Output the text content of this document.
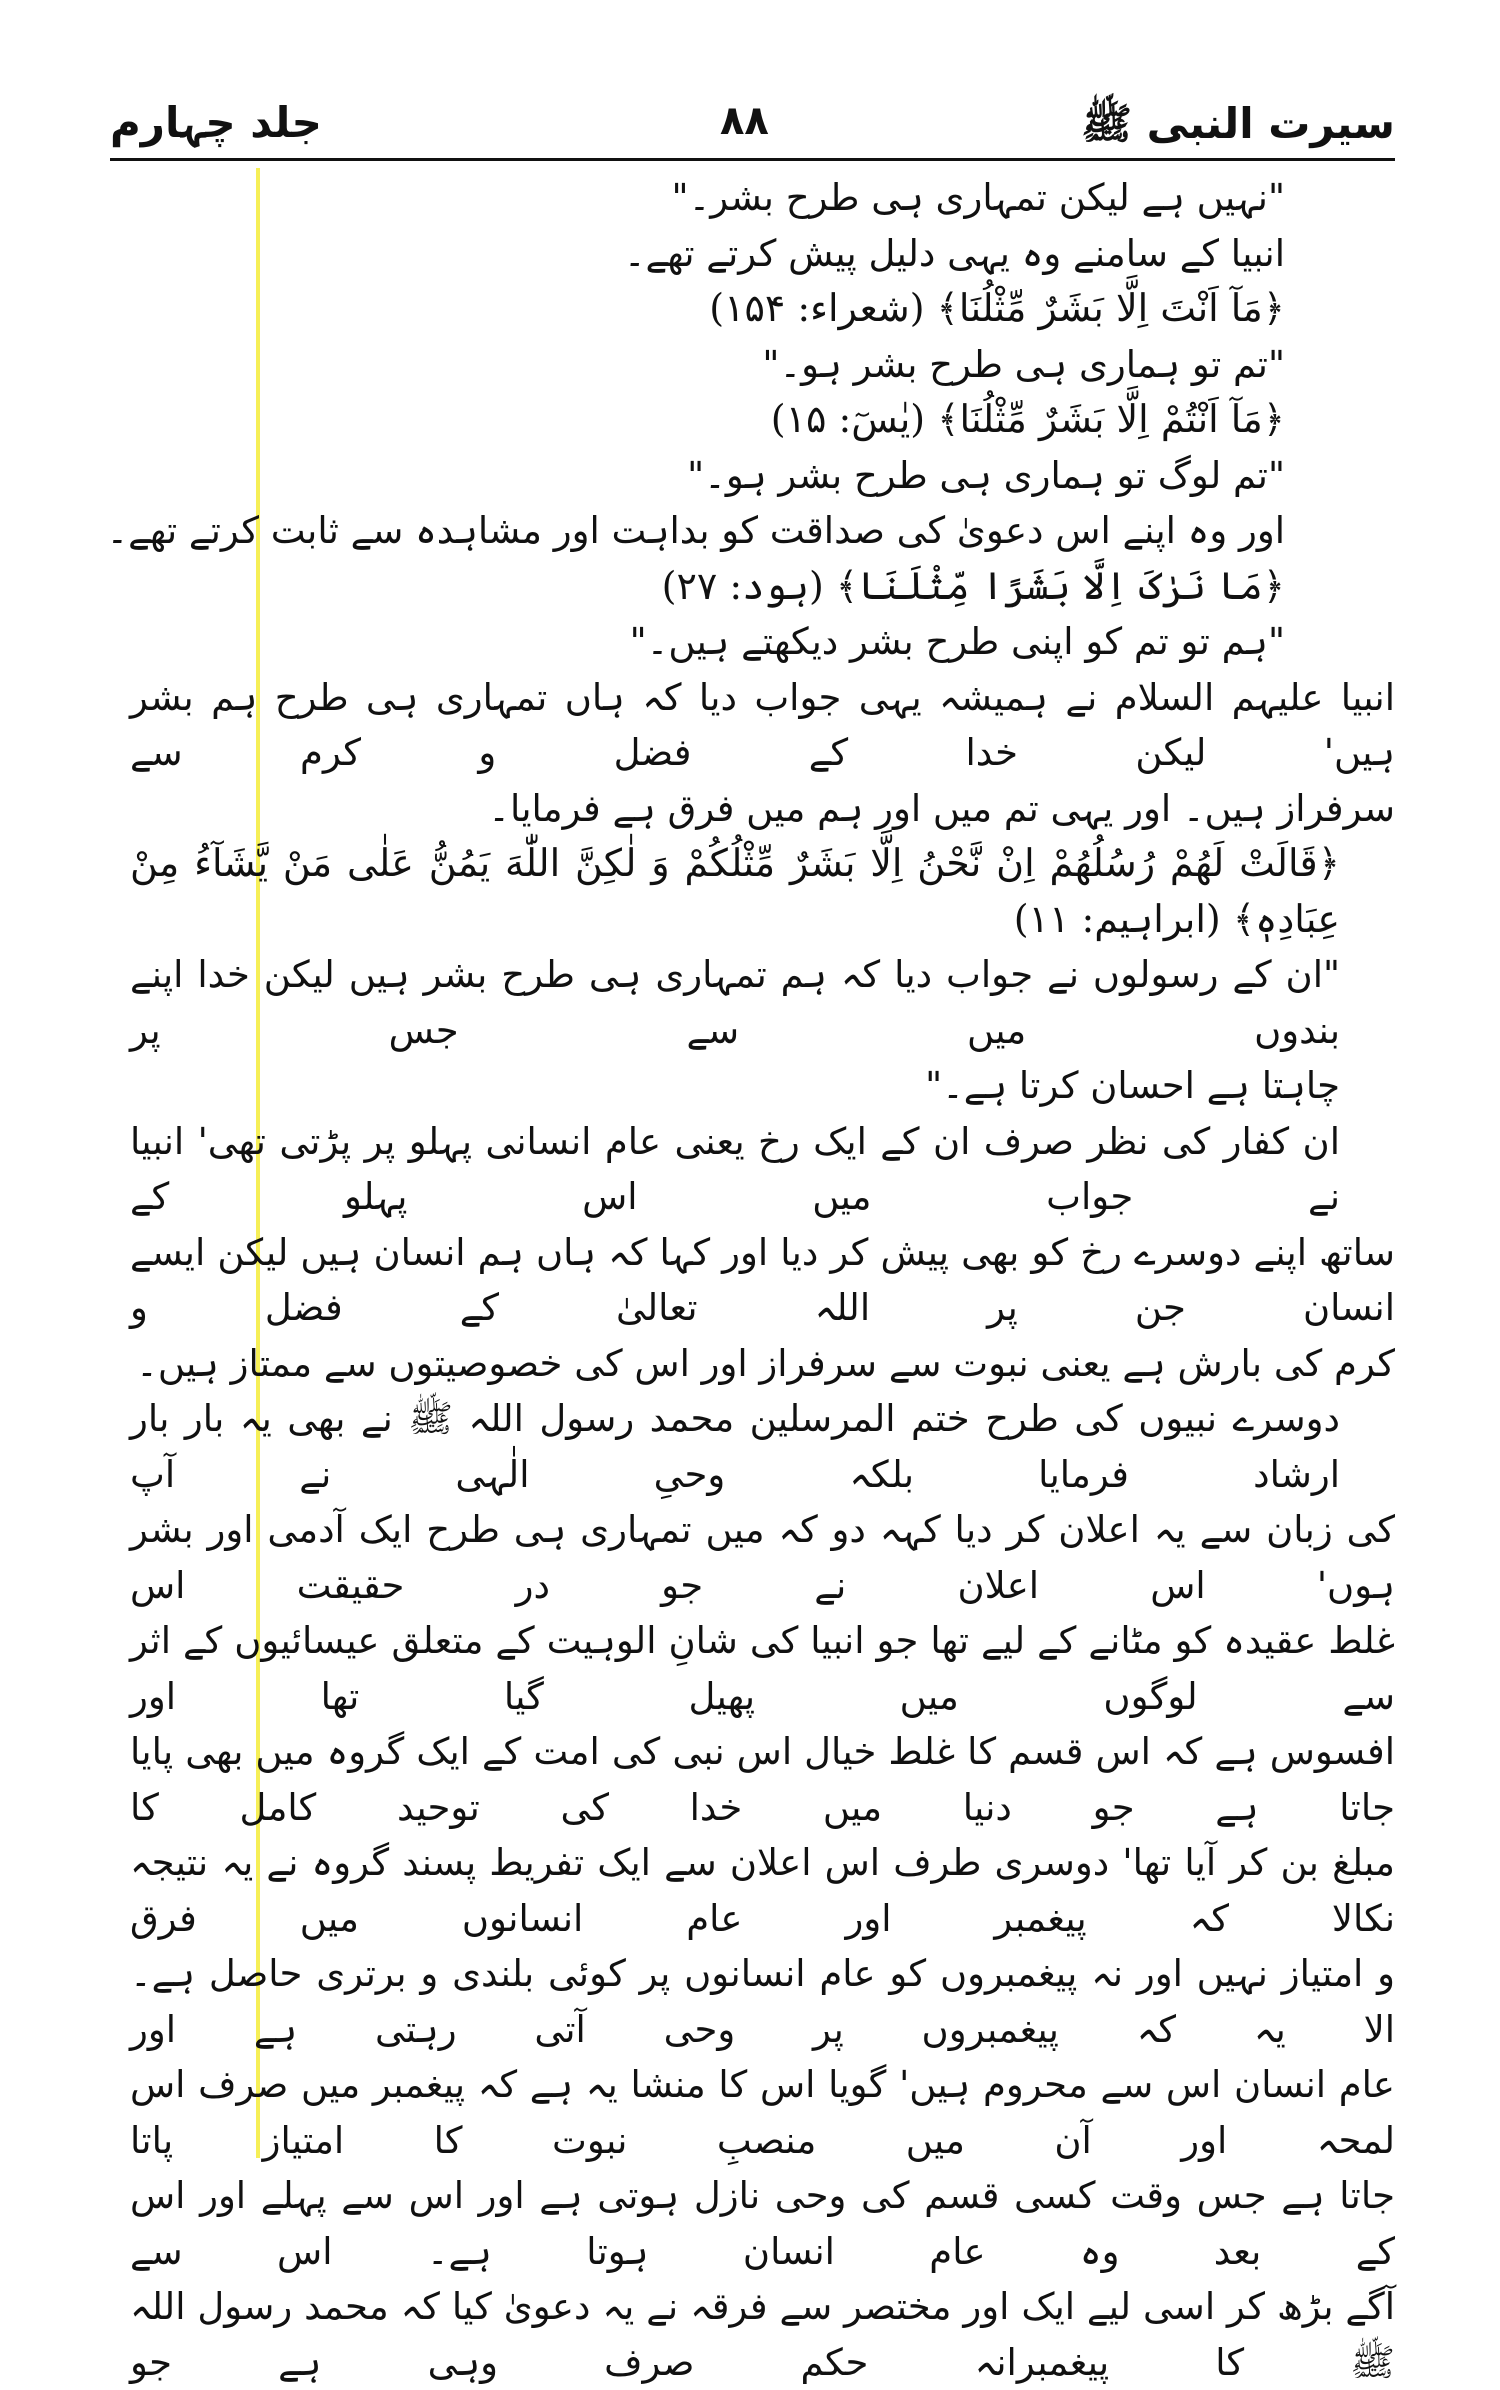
سیرت النبی ﷺ
۸۸
جلد چہارم

"نہیں ہے لیکن تمہاری ہی طرح بشر۔"

انبیا کے سامنے وہ یہی دلیل پیش کرتے تھے۔

﴿مَآ اَنْتَ اِلَّا بَشَرٌ مِّثْلُنَا﴾ (شعراء: ۱۵۴)

"تم تو ہماری ہی طرح بشر ہو۔"

﴿مَآ اَنْتُمْ اِلَّا بَشَرٌ مِّثْلُنَا﴾ (یٰسٓ: ۱۵)

"تم لوگ تو ہماری ہی طرح بشر ہو۔"

اور وہ اپنے اس دعویٰ کی صداقت کو بداہت اور مشاہدہ سے ثابت کرتے تھے۔

﴿مَا نَرٰکَ اِلَّا بَشَرًا مِّثْلَنَا﴾ (ہود: ۲۷)

"ہم تو تم کو اپنی طرح بشر دیکھتے ہیں۔"

انبیا علیہم السلام نے ہمیشہ یہی جواب دیا کہ ہاں تمہاری ہی طرح ہم بشر ہیں' لیکن خدا کے فضل و کرم سے

سرفراز ہیں۔ اور یہی تم میں اور ہم میں فرق ہے فرمایا۔

﴿قَالَتْ لَهُمْ رُسُلُهُمْ اِنْ نَّحْنُ اِلَّا بَشَرٌ مِّثْلُكُمْ وَ لٰكِنَّ اللّٰهَ يَمُنُّ عَلٰى مَنْ يَّشَآءُ مِنْ

عِبَادِهٖ﴾ (ابراہیم: ۱۱)

"ان کے رسولوں نے جواب دیا کہ ہم تمہاری ہی طرح بشر ہیں لیکن خدا اپنے بندوں میں سے جس پر

چاہتا ہے احسان کرتا ہے۔"

ان کفار کی نظر صرف ان کے ایک رخ یعنی عام انسانی پہلو پر پڑتی تھی' انبیا نے جواب میں اس پہلو کے

ساتھ اپنے دوسرے رخ کو بھی پیش کر دیا اور کہا کہ ہاں ہم انسان ہیں لیکن ایسے انسان جن پر اللہ تعالیٰ کے فضل و

کرم کی بارش ہے یعنی نبوت سے سرفراز اور اس کی خصوصیتوں سے ممتاز ہیں۔

دوسرے نبیوں کی طرح ختم المرسلین محمد رسول اللہ ﷺ نے بھی یہ بار بار ارشاد فرمایا بلکہ وحیِ الٰہی نے آپ

کی زبان سے یہ اعلان کر دیا کہہ دو کہ میں تمہاری ہی طرح ایک آدمی اور بشر ہوں' اس اعلان نے جو در حقیقت اس

غلط عقیدہ کو مٹانے کے لیے تھا جو انبیا کی شانِ الوہیت کے متعلق عیسائیوں کے اثر سے لوگوں میں پھیل گیا تھا اور

افسوس ہے کہ اس قسم کا غلط خیال اس نبی کی امت کے ایک گروہ میں بھی پایا جاتا ہے جو دنیا میں خدا کی توحید کامل کا

مبلغ بن کر آیا تھا' دوسری طرف اس اعلان سے ایک تفریط پسند گروہ نے یہ نتیجہ نکالا کہ پیغمبر اور عام انسانوں میں فرق

و امتیاز نہیں اور نہ پیغمبروں کو عام انسانوں پر کوئی بلندی و برتری حاصل ہے۔ الا یہ کہ پیغمبروں پر وحی آتی رہتی ہے اور

عام انسان اس سے محروم ہیں' گویا اس کا منشا یہ ہے کہ پیغمبر میں صرف اس لمحہ اور آن میں منصبِ نبوت کا امتیاز پاتا

جاتا ہے جس وقت کسی قسم کی وحی نازل ہوتی ہے اور اس سے پہلے اور اس کے بعد وہ عام انسان ہوتا ہے۔ اس سے

آگے بڑھ کر اسی لیے ایک اور مختصر سے فرقہ نے یہ دعویٰ کیا کہ محمد رسول اللہ ﷺ کا پیغمبرانہ حکم صرف وہی ہے جو
